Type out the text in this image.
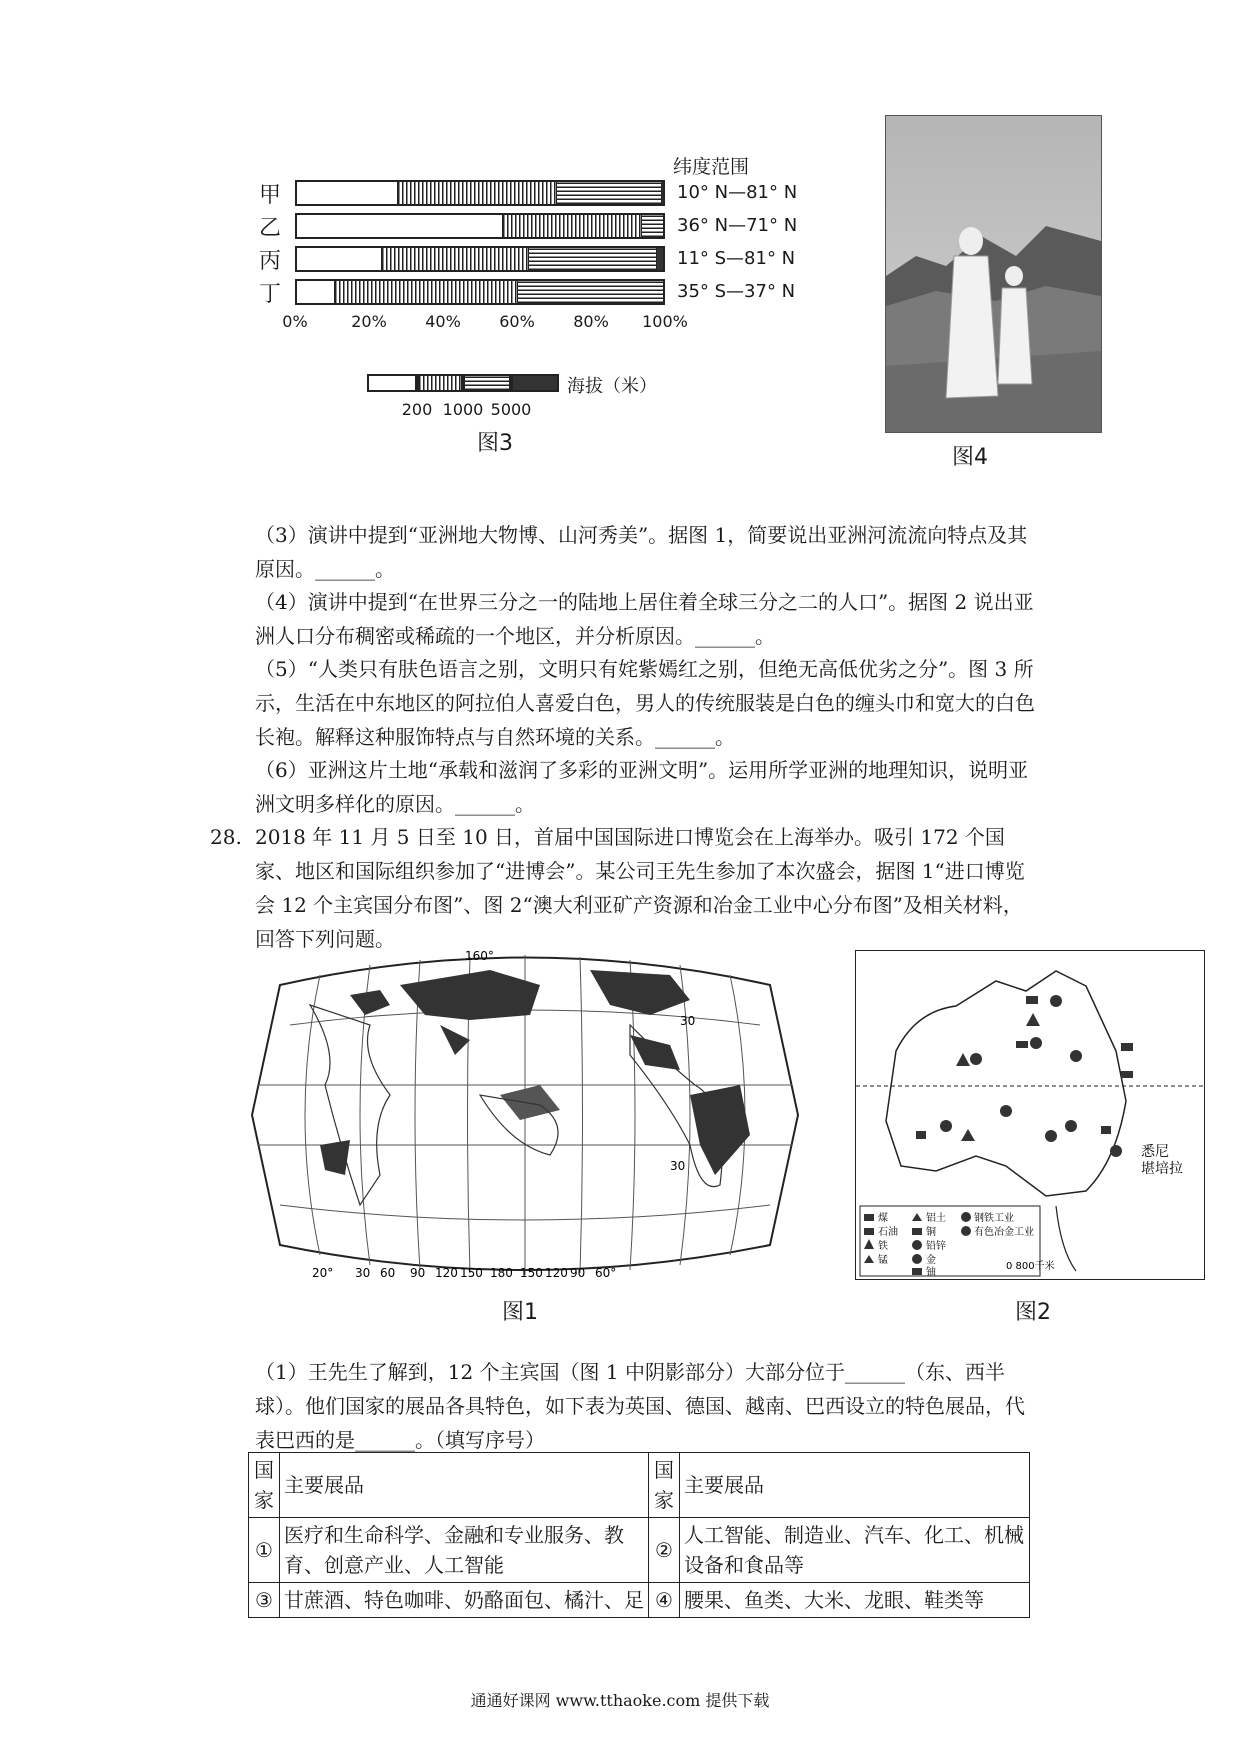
纬度范围
甲	10° N—81° N
乙	36° N—71° N
丙	11° S—81° N
丁	35° S—37° N
0%	20% 40% 60% 80% 100%
海拔（米）
200 1000 5000
图3
图4
（3）演讲中提到“亚洲地大物博、山河秀美”。据图 1，简要说出亚洲河流流向特点及其原因。______。
（4）演讲中提到“在世界三分之一的陆地上居住着全球三分之二的人口”。据图 2 说出亚洲人口分布稠密或稀疏的一个地区，并分析原因。______。
（5）“人类只有肤色语言之别，文明只有姹紫嫣红之别，但绝无高低优劣之分”。图 3 所示，生活在中东地区的阿拉伯人喜爱白色，男人的传统服装是白色的缠头巾和宽大的白色长袍。解释这种服饰特点与自然环境的关系。______。
（6）亚洲这片土地“承载和滋润了多彩的亚洲文明”。运用所学亚洲的地理知识，说明亚洲文明多样化的原因。______。
28. 2018 年 11 月 5 日至 10 日，首届中国国际进口博览会在上海举办。吸引 172 个国家、地区和国际组织参加了“进博会”。某公司王先生参加了本次盛会，据图 1“进口博览会 12 个主宾国分布图”、图 2“澳大利亚矿产资源和冶金工业中心分布图”及相关材料，回答下列问题。
160°
30
30
20° 30 60 90 120 150 180 150 120 90 60°
图1
悉尼
堪培拉
煤
石油
铁
锰
铝土
铜
铅锌
金
铀
钢铁工业
有色冶金工业
0 800千米
图2
（1）王先生了解到，12 个主宾国（图 1 中阴影部分）大部分位于______（东、西半球）。他们国家的展品各具特色，如下表为英国、德国、越南、巴西设立的特色展品，代表巴西的是______。（填写序号）
国家	主要展品	国家	主要展品
①	医疗和生命科学、金融和专业服务、教育、创意产业、人工智能	②	人工智能、制造业、汽车、化工、机械设备和食品等
③	甘蔗酒、特色咖啡、奶酪面包、橘汁、足	④	腰果、鱼类、大米、龙眼、鞋类等
通通好课网 www.tthaoke.com 提供下载
